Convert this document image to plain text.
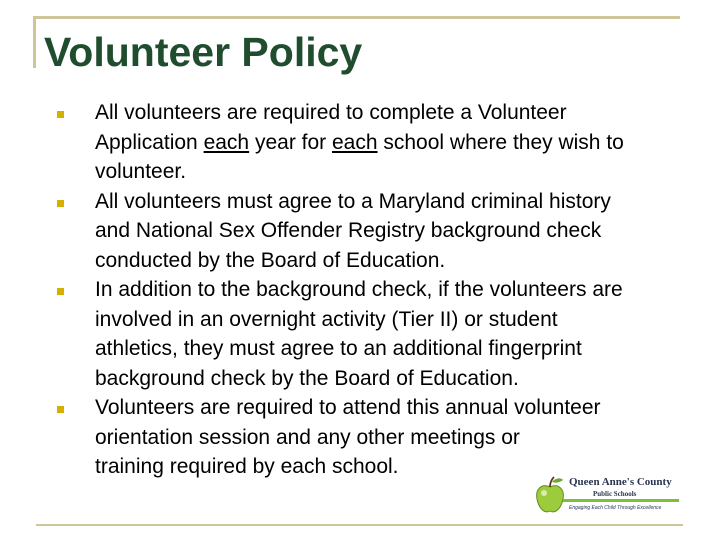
Volunteer Policy
All volunteers are required to complete a Volunteer Application each year for each school where they wish to volunteer.
All volunteers must agree to a Maryland criminal history and National Sex Offender Registry background check conducted by the Board of Education.
In addition to the background check, if the volunteers are involved in an overnight activity (Tier II) or student athletics, they must agree to an additional fingerprint background check by the Board of Education.
Volunteers are required to attend this annual volunteer orientation session and any other meetings ortraining required by each school.

Queen Anne's County

Public Schools

Engaging Each Child Through Excellence
